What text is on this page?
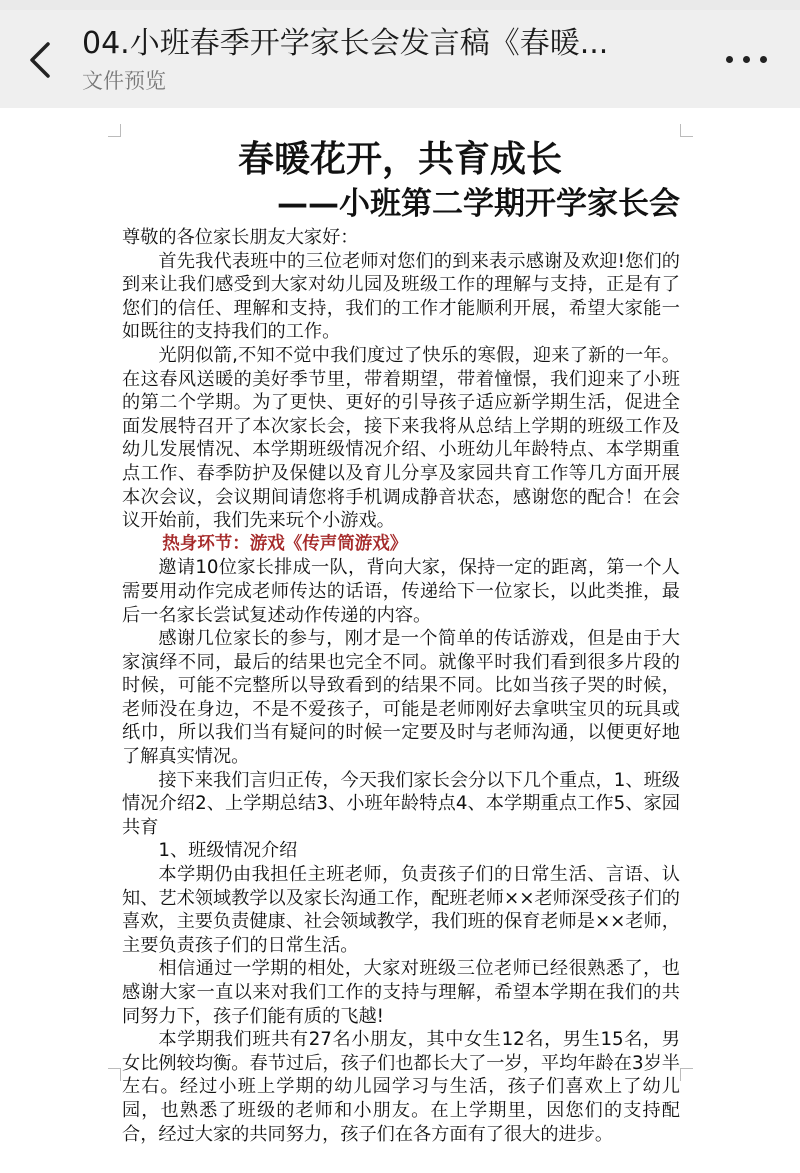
04.小班春季开学家长会发言稿《春暖...
文件预览
春暖花开，共育成长
——小班第二学期开学家长会

尊敬的各位家长朋友大家好：

首先我代表班中的三位老师对您们的到来表示感谢及欢迎!您们的到来让我们感受到大家对幼儿园及班级工作的理解与支持，正是有了您们的信任、理解和支持，我们的工作才能顺利开展，希望大家能一如既往的支持我们的工作。

光阴似箭,不知不觉中我们度过了快乐的寒假，迎来了新的一年。在这春风送暖的美好季节里，带着期望，带着憧憬，我们迎来了小班的第二个学期。为了更快、更好的引导孩子适应新学期生活，促进全面发展特召开了本次家长会，接下来我将从总结上学期的班级工作及幼儿发展情况、本学期班级情况介绍、小班幼儿年龄特点、本学期重点工作、春季防护及保健以及育儿分享及家园共育工作等几方面开展本次会议，会议期间请您将手机调成静音状态，感谢您的配合！在会议开始前，我们先来玩个小游戏。

热身环节：游戏《传声筒游戏》

邀请10位家长排成一队，背向大家，保持一定的距离，第一个人需要用动作完成老师传达的话语，传递给下一位家长，以此类推，最后一名家长尝试复述动作传递的内容。

感谢几位家长的参与，刚才是一个简单的传话游戏，但是由于大家演绎不同，最后的结果也完全不同。就像平时我们看到很多片段的时候，可能不完整所以导致看到的结果不同。比如当孩子哭的时候，老师没在身边，不是不爱孩子，可能是老师刚好去拿哄宝贝的玩具或纸巾，所以我们当有疑问的时候一定要及时与老师沟通，以便更好地了解真实情况。

接下来我们言归正传，今天我们家长会分以下几个重点，1、班级情况介绍2、上学期总结3、小班年龄特点4、本学期重点工作5、家园共育

1、班级情况介绍

本学期仍由我担任主班老师，负责孩子们的日常生活、言语、认知、艺术领域教学以及家长沟通工作，配班老师××老师深受孩子们的喜欢，主要负责健康、社会领域教学，我们班的保育老师是××老师，主要负责孩子们的日常生活。

相信通过一学期的相处，大家对班级三位老师已经很熟悉了，也感谢大家一直以来对我们工作的支持与理解，希望本学期在我们的共同努力下，孩子们能有质的飞越!

本学期我们班共有27名小朋友，其中女生12名，男生15名，男女比例较均衡。春节过后，孩子们也都长大了一岁，平均年龄在3岁半左右。经过小班上学期的幼儿园学习与生活，孩子们喜欢上了幼儿园，也熟悉了班级的老师和小朋友。在上学期里，因您们的支持配合，经过大家的共同努力，孩子们在各方面有了很大的进步。
